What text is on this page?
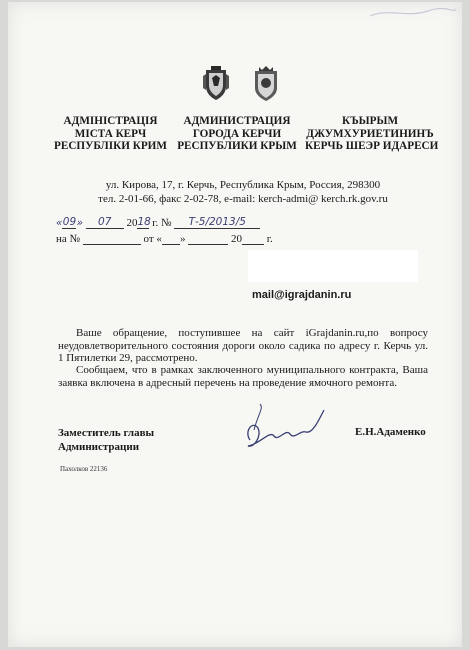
АДМІНІСТРАЦІЯ
МІСТА КЕРЧ
РЕСПУБЛІКИ КРИМ
АДМИНИСТРАЦИЯ
ГОРОДА КЕРЧИ
РЕСПУБЛИКИ КРЫМ
КЪЫРЫМ
ДЖУМХУРИЕТИНИНЪ
КЕРЧЬ ШЕЭР ИДАРЕСИ
ул. Кирова, 17, г. Керчь, Республика Крым, Россия, 298300
тел. 2-01-66, факс 2-02-78, e-mail: kerch-admi@ kerch.rk.gov.ru
«09» 07 2018 г. № Т-5/2013/5
на №	от « »	20 г.
mail@igrajdanin.ru
Ваше обращение, поступившее на сайт iGrajdanin.ru,по вопросу неудовлетворительного состояния дороги около садика по адресу г. Керчь ул. 1 Пятилетки 29, рассмотрено.
Сообщаем, что в рамках заключенного муниципального контракта, Ваша заявка включена в адресный перечень на проведение ямочного ремонта.
Заместитель главы
Администрации
Е.Н.Адаменко
Пахолков 22136
